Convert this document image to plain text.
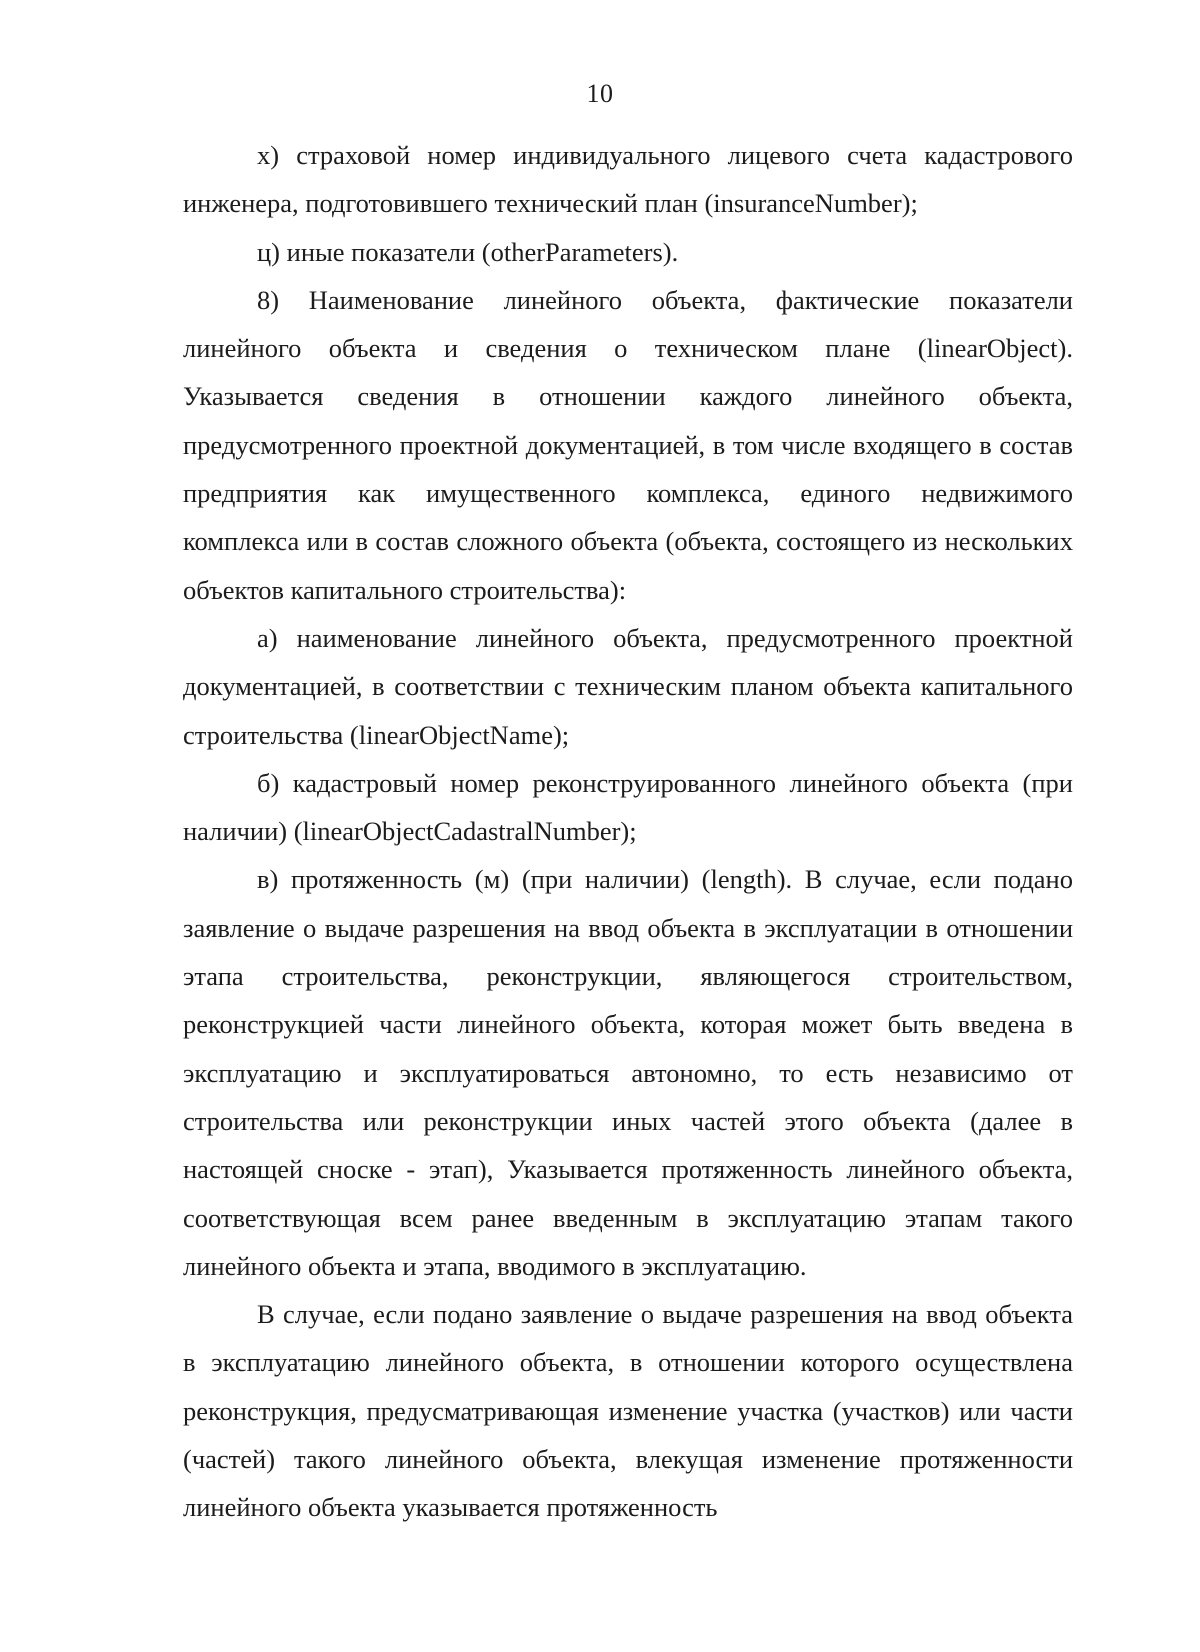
10

х) страховой номер индивидуального лицевого счета кадастрового инженера, подготовившего технический план (insuranceNumber);

ц) иные показатели (otherParameters).

8) Наименование линейного объекта, фактические показатели линейного объекта и сведения о техническом плане (linearObject). Указывается сведения в отношении каждого линейного объекта, предусмотренного проектной документацией, в том числе входящего в состав предприятия как имущественного комплекса, единого недвижимого комплекса или в состав сложного объекта (объекта, состоящего из нескольких объектов капитального строительства):

а) наименование линейного объекта, предусмотренного проектной документацией, в соответствии с техническим планом объекта капитального строительства (linearObjectName);

б) кадастровый номер реконструированного линейного объекта (при наличии) (linearObjectCadastralNumber);

в) протяженность (м) (при наличии) (length). В случае, если подано заявление о выдаче разрешения на ввод объекта в эксплуатации в отношении этапа строительства, реконструкции, являющегося строительством, реконструкцией части линейного объекта, которая может быть введена в эксплуатацию и эксплуатироваться автономно, то есть независимо от строительства или реконструкции иных частей этого объекта (далее в настоящей сноске - этап), Указывается протяженность линейного объекта, соответствующая всем ранее введенным в эксплуатацию этапам такого линейного объекта и этапа, вводимого в эксплуатацию.

В случае, если подано заявление о выдаче разрешения на ввод объекта в эксплуатацию линейного объекта, в отношении которого осуществлена реконструкция, предусматривающая изменение участка (участков) или части (частей) такого линейного объекта, влекущая изменение протяженности линейного объекта указывается протяженность
